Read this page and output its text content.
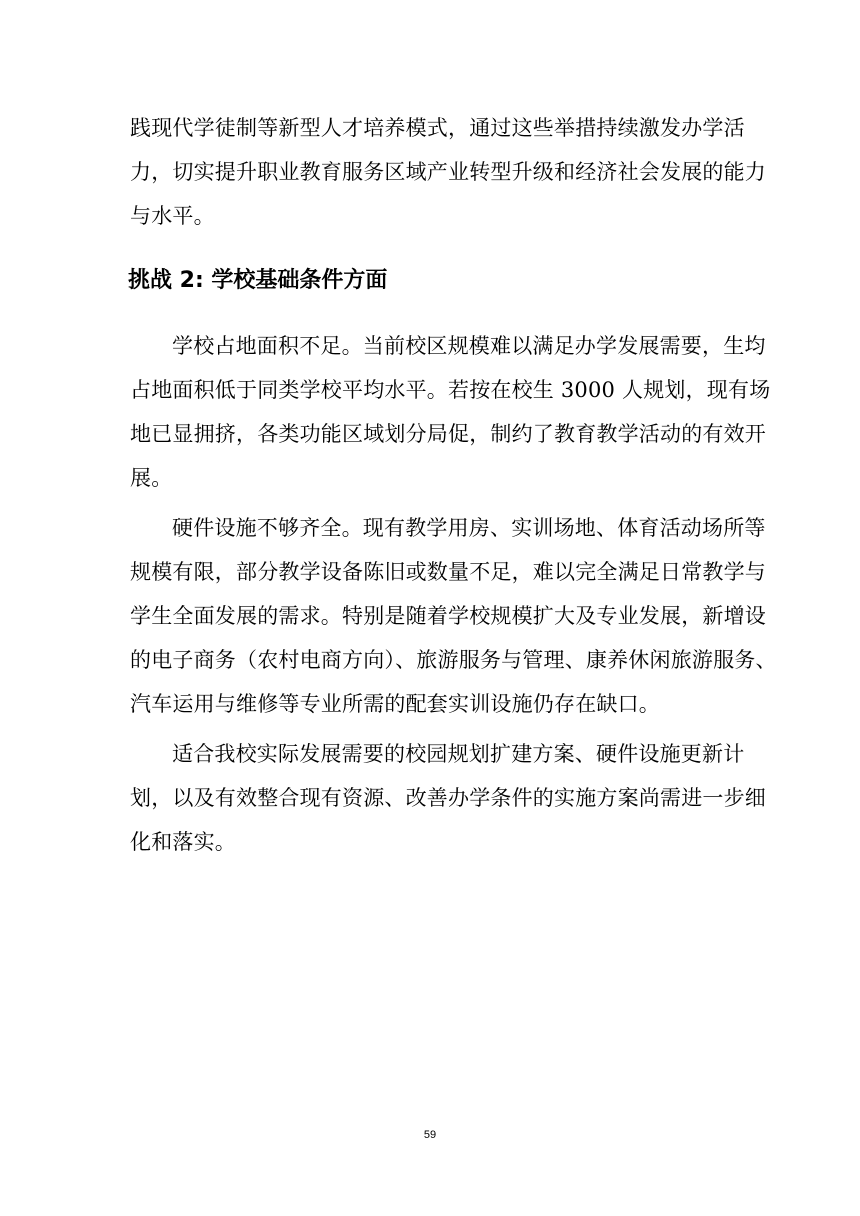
践现代学徒制等新型人才培养模式，通过这些举措持续激发办学活
力，切实提升职业教育服务区域产业转型升级和经济社会发展的能力
与水平。
挑战 2: 学校基础条件方面
学校占地面积不足。当前校区规模难以满足办学发展需要，生均
占地面积低于同类学校平均水平。若按在校生 3000 人规划，现有场
地已显拥挤，各类功能区域划分局促，制约了教育教学活动的有效开
展。
硬件设施不够齐全。现有教学用房、实训场地、体育活动场所等
规模有限，部分教学设备陈旧或数量不足，难以完全满足日常教学与
学生全面发展的需求。特别是随着学校规模扩大及专业发展，新增设
的电子商务（农村电商方向）、旅游服务与管理、康养休闲旅游服务、
汽车运用与维修等专业所需的配套实训设施仍存在缺口。
适合我校实际发展需要的校园规划扩建方案、硬件设施更新计
划，以及有效整合现有资源、改善办学条件的实施方案尚需进一步细
化和落实。
59
